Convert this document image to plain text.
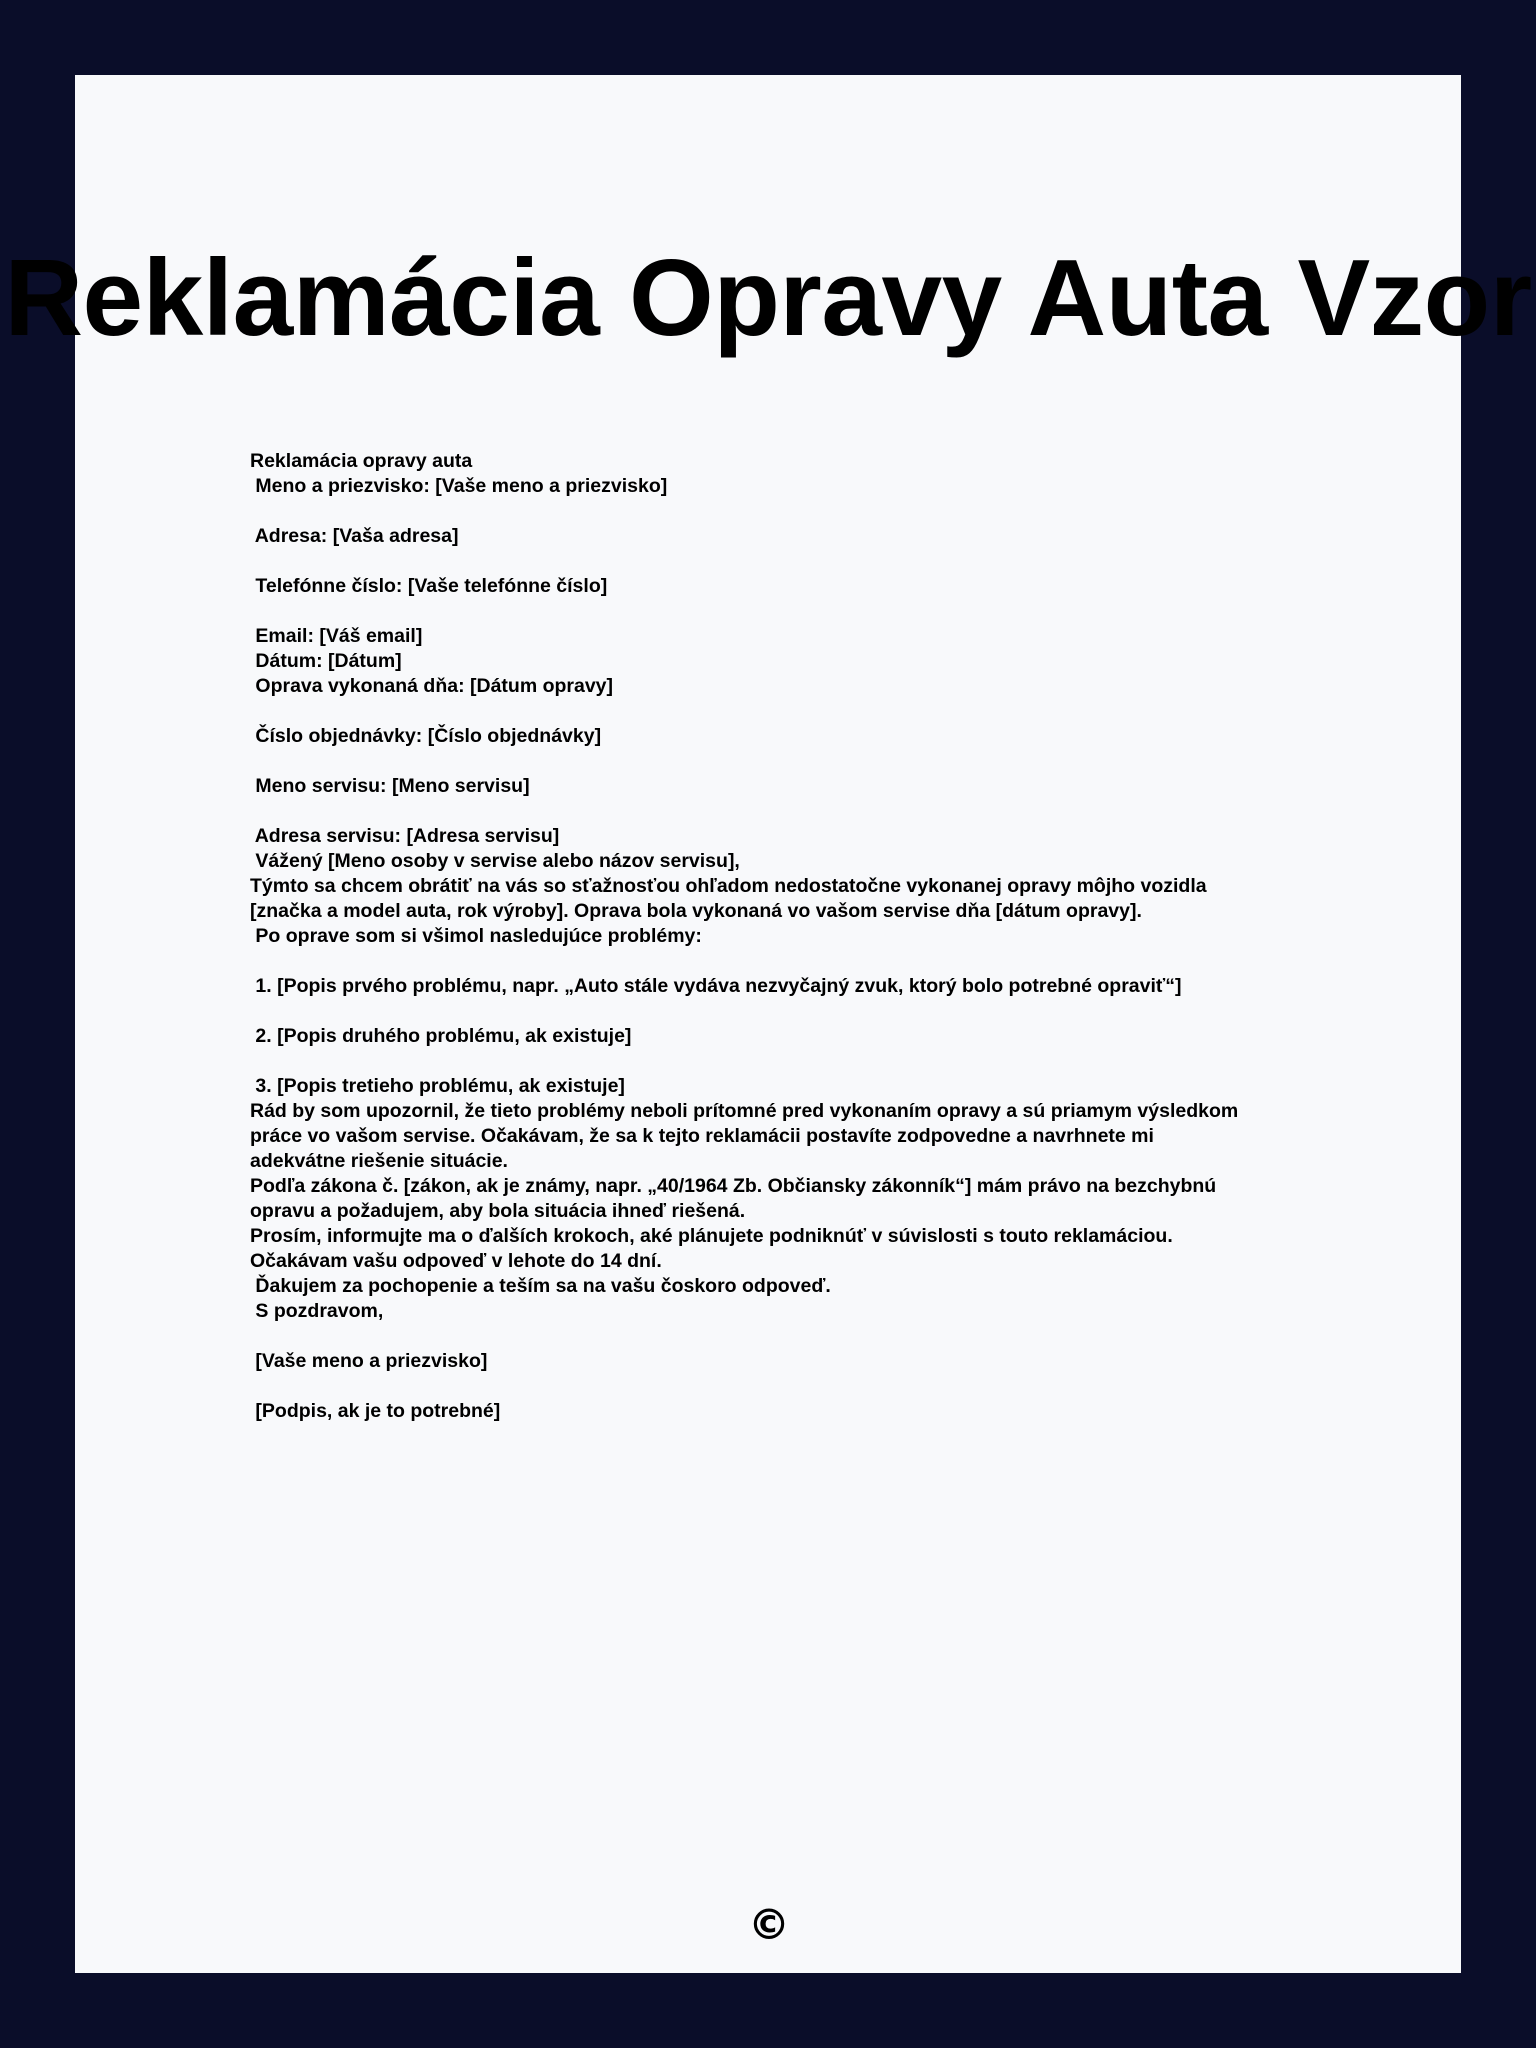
Reklamácia Opravy Auta Vzor
Reklamácia opravy auta
Meno a priezvisko: [Vaše meno a priezvisko]
Adresa: [Vaša adresa]
Telefónne číslo: [Vaše telefónne číslo]
Email: [Váš email]
Dátum: [Dátum]
Oprava vykonaná dňa: [Dátum opravy]
Číslo objednávky: [Číslo objednávky]
Meno servisu: [Meno servisu]
Adresa servisu: [Adresa servisu]
Vážený [Meno osoby v servise alebo názov servisu],
Týmto sa chcem obrátiť na vás so sťažnosťou ohľadom nedostatočne vykonanej opravy môjho vozidla
[značka a model auta, rok výroby]. Oprava bola vykonaná vo vašom servise dňa [dátum opravy].
Po oprave som si všimol nasledujúce problémy:
1. [Popis prvého problému, napr. „Auto stále vydáva nezvyčajný zvuk, ktorý bolo potrebné opraviť“]
2. [Popis druhého problému, ak existuje]
3. [Popis tretieho problému, ak existuje]
Rád by som upozornil, že tieto problémy neboli prítomné pred vykonaním opravy a sú priamym výsledkom
práce vo vašom servise. Očakávam, že sa k tejto reklamácii postavíte zodpovedne a navrhnete mi
adekvátne riešenie situácie.
Podľa zákona č. [zákon, ak je známy, napr. „40/1964 Zb. Občiansky zákonník“] mám právo na bezchybnú
opravu a požadujem, aby bola situácia ihneď riešená.
Prosím, informujte ma o ďalších krokoch, aké plánujete podniknúť v súvislosti s touto reklamáciou.
Očakávam vašu odpoveď v lehote do 14 dní.
Ďakujem za pochopenie a teším sa na vašu čoskoro odpoveď.
S pozdravom,
[Vaše meno a priezvisko]
[Podpis, ak je to potrebné]
©
